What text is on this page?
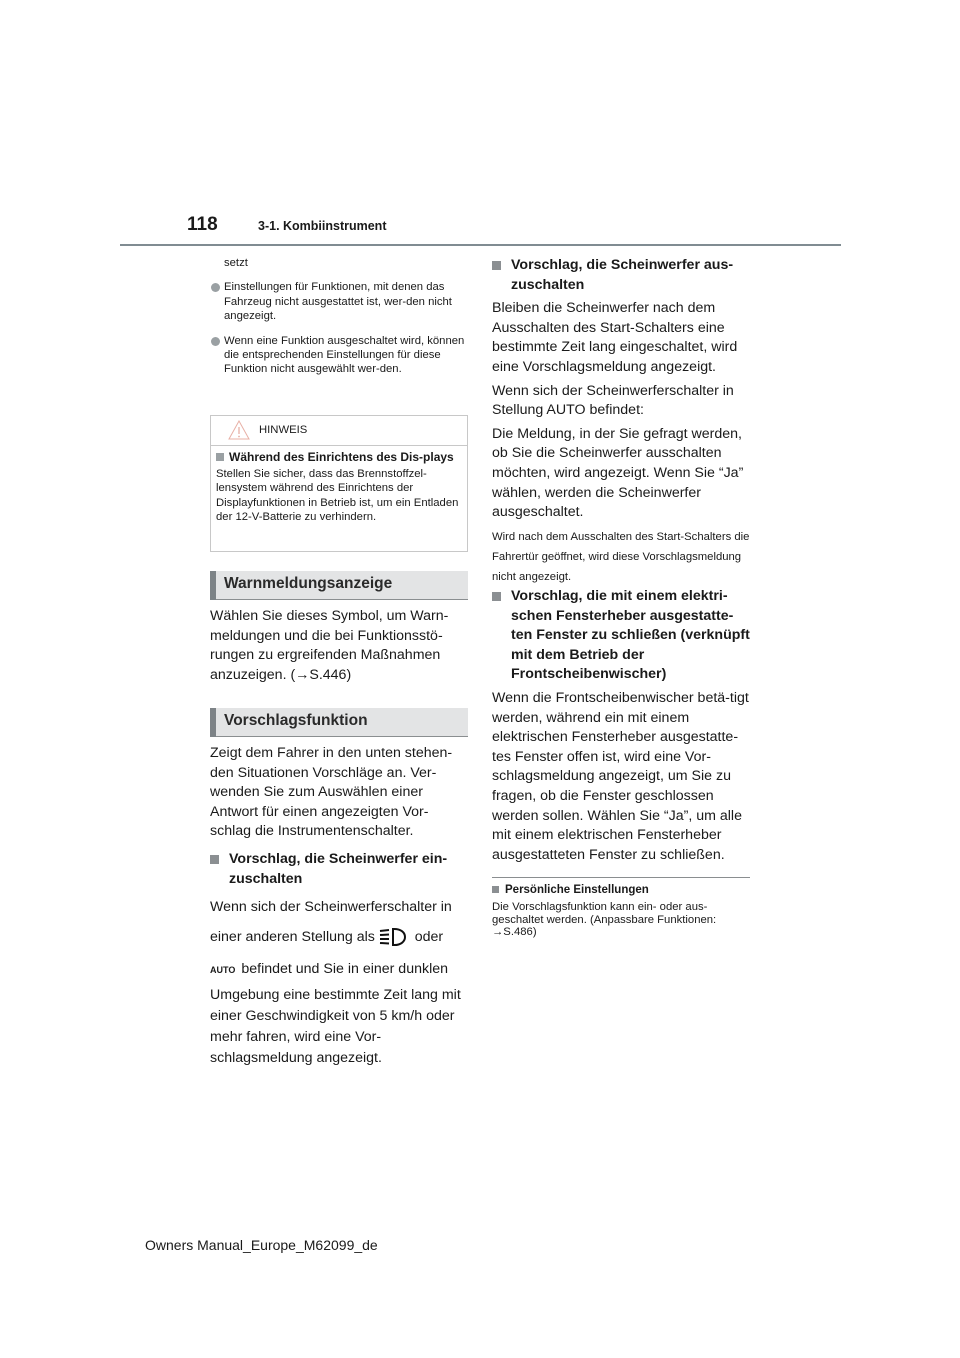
118	3-1. Kombiinstrument
setzt
Einstellungen für Funktionen, mit denen das Fahrzeug nicht ausgestattet ist, wer-den nicht angezeigt.
Wenn eine Funktion ausgeschaltet wird, können die entsprechenden Einstellungen für diese Funktion nicht ausgewählt wer-den.
HINWEIS
Während des Einrichtens des Dis-plays
Stellen Sie sicher, dass das Brennstoffzel-lensystem während des Einrichtens der Displayfunktionen in Betrieb ist, um ein Entladen der 12-V-Batterie zu verhindern.
Warnmeldungsanzeige
Wählen Sie dieses Symbol, um Warn-meldungen und die bei Funktionsstö-rungen zu ergreifenden Maßnahmen anzuzeigen. (→S.446)
Vorschlagsfunktion
Zeigt dem Fahrer in den unten stehen-den Situationen Vorschläge an. Ver-wenden Sie zum Auswählen einer Antwort für einen angezeigten Vor-schlag die Instrumentenschalter.
Vorschlag, die Scheinwerfer ein-zuschalten
Wenn sich der Scheinwerferschalter in
einer anderen Stellung als	oder
AUTO befindet und Sie in einer dunklen
Umgebung eine bestimmte Zeit lang mit einer Geschwindigkeit von 5 km/h oder mehr fahren, wird eine Vor-schlagsmeldung angezeigt.
Vorschlag, die Scheinwerfer aus-zuschalten
Bleiben die Scheinwerfer nach dem Ausschalten des Start-Schalters eine bestimmte Zeit lang eingeschaltet, wird eine Vorschlagsmeldung angezeigt.
Wenn sich der Scheinwerferschalter in Stellung AUTO befindet:
Die Meldung, in der Sie gefragt werden, ob Sie die Scheinwerfer ausschalten möchten, wird angezeigt. Wenn Sie “Ja” wählen, werden die Scheinwerfer ausgeschaltet.
Wird nach dem Ausschalten des Start-Schalters die Fahrertür geöffnet, wird diese Vorschlagsmeldung nicht angezeigt.
Vorschlag, die mit einem elektri-schen Fensterheber ausgestatte-ten Fenster zu schließen (verknüpft mit dem Betrieb der Frontscheibenwischer)
Wenn die Frontscheibenwischer betä-tigt werden, während ein mit einem elektrischen Fensterheber ausgestatte-tes Fenster offen ist, wird eine Vor-schlagsmeldung angezeigt, um Sie zu fragen, ob die Fenster geschlossen werden sollen. Wählen Sie “Ja”, um alle mit einem elektrischen Fensterheber ausgestatteten Fenster zu schließen.
Persönliche Einstellungen
Die Vorschlagsfunktion kann ein- oder aus-geschaltet werden. (Anpassbare Funktionen: →S.486)
Owners Manual_Europe_M62099_de
